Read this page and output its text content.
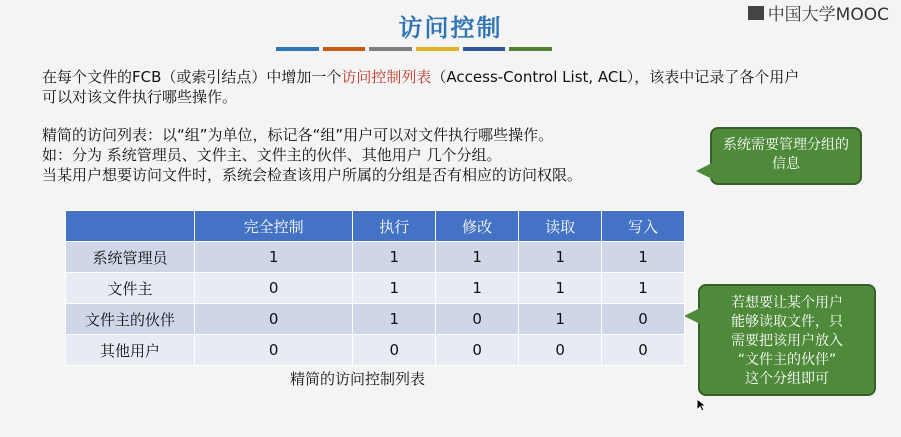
访问控制	中国大学MOOC

在每个文件的FCB（或索引结点）中增加一个访问控制列表（Access-Control List, ACL），该表中记录了各个用户可以对该文件执行哪些操作。

精简的访问列表：以“组”为单位，标记各“组”用户可以对文件执行哪些操作。
如：分为 系统管理员、文件主、文件主的伙伴、其他用户 几个分组。
当某用户想要访问文件时，系统会检查该用户所属的分组是否有相应的访问权限。
系统需要管理分组的信息
若想要让某个用户
能够读取文件，只
需要把该用户放入
“文件主的伙伴”
这个分组即可
	完全控制	执行	修改	读取	写入
系统管理员	1	1	1	1	1
文件主	0	1	1	1	1
文件主的伙伴	0	1	0	1	0
其他用户	0	0	0	0	0
精简的访问控制列表
